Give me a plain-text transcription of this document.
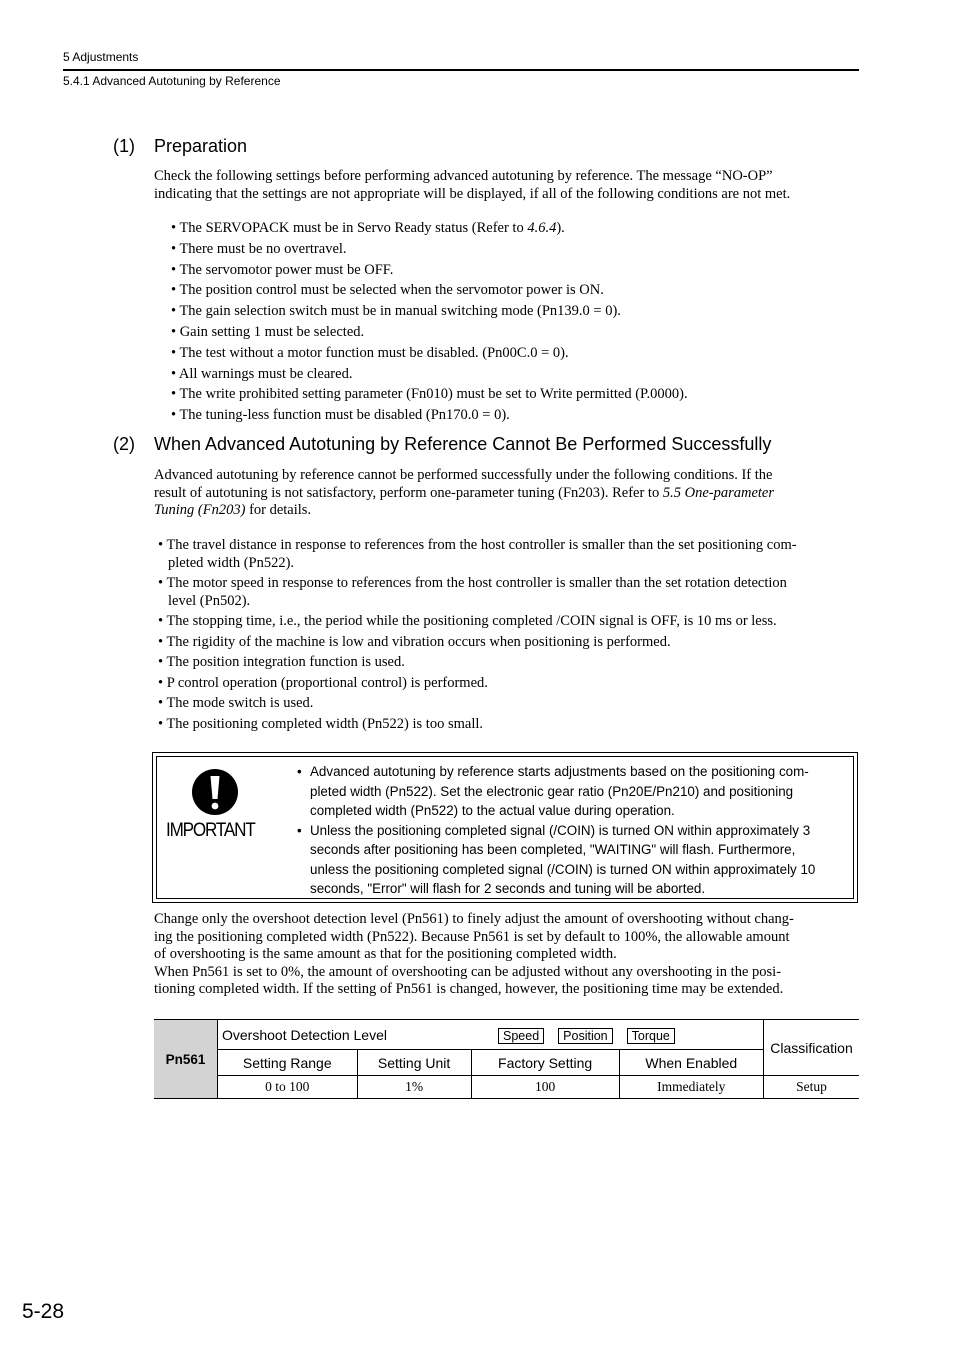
5 Adjustments
5.4.1 Advanced Autotuning by Reference
(1) Preparation

Check the following settings before performing advanced autotuning by reference. The message “NO-OP”
indicating that the settings are not appropriate will be displayed, if all of the following conditions are not met.

• The SERVOPACK must be in Servo Ready status (Refer to 4.6.4).
• There must be no overtravel.
• The servomotor power must be OFF.
• The position control must be selected when the servomotor power is ON.
• The gain selection switch must be in manual switching mode (Pn139.0 = 0).
• Gain setting 1 must be selected.
• The test without a motor function must be disabled. (Pn00C.0 = 0).
• All warnings must be cleared.
• The write prohibited setting parameter (Fn010) must be set to Write permitted (P.0000).
• The tuning-less function must be disabled (Pn170.0 = 0).
(2) When Advanced Autotuning by Reference Cannot Be Performed Successfully

Advanced autotuning by reference cannot be performed successfully under the following conditions. If the
result of autotuning is not satisfactory, perform one-parameter tuning (Fn203). Refer to 5.5 One-parameter
Tuning (Fn203) for details.

• The travel distance in response to references from the host controller is smaller than the set positioning com-
pleted width (Pn522).
• The motor speed in response to references from the host controller is smaller than the set rotation detection
level (Pn502).
• The stopping time, i.e., the period while the positioning completed /COIN signal is OFF, is 10 ms or less.
• The rigidity of the machine is low and vibration occurs when positioning is performed.
• The position integration function is used.
• P control operation (proportional control) is performed.
• The mode switch is used.
• The positioning completed width (Pn522) is too small.
IMPORTANT
• Advanced autotuning by reference starts adjustments based on the positioning com-
pleted width (Pn522). Set the electronic gear ratio (Pn20E/Pn210) and positioning
completed width (Pn522) to the actual value during operation.
• Unless the positioning completed signal (/COIN) is turned ON within approximately 3
seconds after positioning has been completed, "WAITING" will flash. Furthermore,
unless the positioning completed signal (/COIN) is turned ON within approximately 10
seconds, "Error" will flash for 2 seconds and tuning will be aborted.

Change only the overshoot detection level (Pn561) to finely adjust the amount of overshooting without chang-
ing the positioning completed width (Pn522). Because Pn561 is set by default to 100%, the allowable amount
of overshooting is the same amount as that for the positioning completed width.
When Pn561 is set to 0%, the amount of overshooting can be adjusted without any overshooting in the posi-
tioning completed width. If the setting of Pn561 is changed, however, the positioning time may be extended.

Pn561	Overshoot Detection Level Speed Position Torque				Classification
	Setting Range	Setting Unit	Factory Setting	When Enabled	
	0 to 100	1%	100	Immediately	Setup
5-28
